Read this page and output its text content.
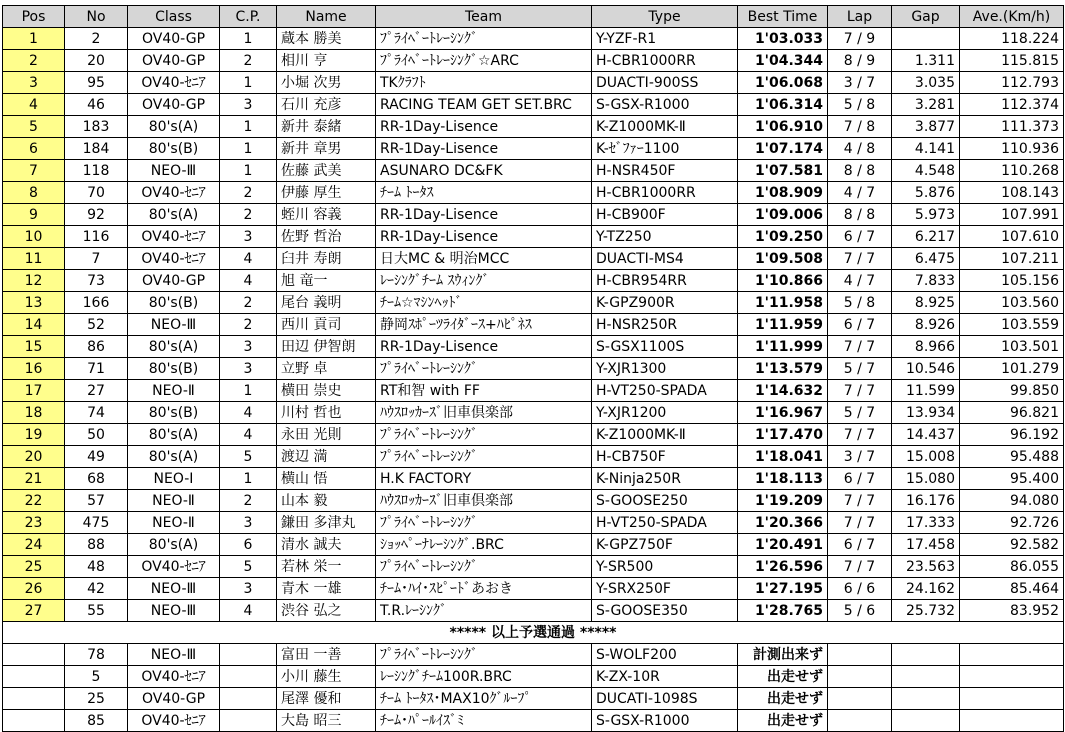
Pos	No	Class	C.P.	Name	Team	Type	Best Time	Lap	Gap	Ave.(Km/h)
1	2	OV40-GP	1	蔵本 勝美	ﾌﾟﾗｲﾍﾞｰﾄﾚｰｼﾝｸﾞ	Y-YZF-R1	1'03.033	7 / 9		118.224
2	20	OV40-GP	2	相川 亨	ﾌﾟﾗｲﾍﾞｰﾄﾚｰｼﾝｸﾞ☆ARC	H-CBR1000RR	1'04.344	8 / 9	1.311	115.815
3	95	OV40-ｾﾆｱ	1	小堀 次男	TKｸﾗﾌﾄ	DUACTI-900SS	1'06.068	3 / 7	3.035	112.793
4	46	OV40-GP	3	石川 充彦	RACING TEAM GET SET.BRC	S-GSX-R1000	1'06.314	5 / 8	3.281	112.374
5	183	80's(A)	1	新井 泰緒	RR-1Day-Lisence	K-Z1000MK-Ⅱ	1'06.910	7 / 8	3.877	111.373
6	184	80's(B)	1	新井 章男	RR-1Day-Lisence	K-ｾﾞﾌｧｰ1100	1'07.174	4 / 8	4.141	110.936
7	118	NEO-Ⅲ	1	佐藤 武美	ASUNARO DC&FK	H-NSR450F	1'07.581	8 / 8	4.548	110.268
8	70	OV40-ｾﾆｱ	2	伊藤 厚生	ﾁｰﾑ ﾄｰﾀｽ	H-CBR1000RR	1'08.909	4 / 7	5.876	108.143
9	92	80's(A)	2	蛭川 容義	RR-1Day-Lisence	H-CB900F	1'09.006	8 / 8	5.973	107.991
10	116	OV40-ｾﾆｱ	3	佐野 哲治	RR-1Day-Lisence	Y-TZ250	1'09.250	6 / 7	6.217	107.610
11	7	OV40-ｾﾆｱ	4	臼井 寿朗	日大MC & 明治MCC	DUACTI-MS4	1'09.508	7 / 7	6.475	107.211
12	73	OV40-GP	4	旭 竜一	ﾚｰｼﾝｸﾞﾁｰﾑ ｽｳｨﾝｸﾞ	H-CBR954RR	1'10.866	4 / 7	7.833	105.156
13	166	80's(B)	2	尾台 義明	ﾁｰﾑ☆ﾏｼﾝﾍｯﾄﾞ	K-GPZ900R	1'11.958	5 / 8	8.925	103.560
14	52	NEO-Ⅲ	2	西川 貢司	静岡ｽﾎﾟｰﾂﾗｲﾀﾞｰｽ+ﾊﾋﾟﾈｽ	H-NSR250R	1'11.959	6 / 7	8.926	103.559
15	86	80's(A)	3	田辺 伊智朗	RR-1Day-Lisence	S-GSX1100S	1'11.999	7 / 7	8.966	103.501
16	71	80's(B)	3	立野 卓	ﾌﾟﾗｲﾍﾞｰﾄﾚｰｼﾝｸﾞ	Y-XJR1300	1'13.579	5 / 7	10.546	101.279
17	27	NEO-Ⅱ	1	横田 崇史	RT和智 with FF	H-VT250-SPADA	1'14.632	7 / 7	11.599	99.850
18	74	80's(B)	4	川村 哲也	ﾊｳｽﾛｯｶｰｽﾞ旧車倶楽部	Y-XJR1200	1'16.967	5 / 7	13.934	96.821
19	50	80's(A)	4	永田 光則	ﾌﾟﾗｲﾍﾞｰﾄﾚｰｼﾝｸﾞ	K-Z1000MK-Ⅱ	1'17.470	7 / 7	14.437	96.192
20	49	80's(A)	5	渡辺 満	ﾌﾟﾗｲﾍﾞｰﾄﾚｰｼﾝｸﾞ	H-CB750F	1'18.041	3 / 7	15.008	95.488
21	68	NEO-Ⅰ	1	横山 悟	H.K FACTORY	K-Ninja250R	1'18.113	6 / 7	15.080	95.400
22	57	NEO-Ⅱ	2	山本 毅	ﾊｳｽﾛｯｶｰｽﾞ旧車倶楽部	S-GOOSE250	1'19.209	7 / 7	16.176	94.080
23	475	NEO-Ⅱ	3	鎌田 多津丸	ﾌﾟﾗｲﾍﾞｰﾄﾚｰｼﾝｸﾞ	H-VT250-SPADA	1'20.366	7 / 7	17.333	92.726
24	88	80's(A)	6	清水 誠夫	ｼｮｯﾍﾟｰﾅﾚｰｼﾝｸﾞ.BRC	K-GPZ750F	1'20.491	6 / 7	17.458	92.582
25	48	OV40-ｾﾆｱ	5	若林 栄一	ﾌﾟﾗｲﾍﾞｰﾄﾚｰｼﾝｸﾞ	Y-SR500	1'26.596	7 / 7	23.563	86.055
26	42	NEO-Ⅲ	3	青木 一雄	ﾁｰﾑ･ﾊｲ･ｽﾋﾟｰﾄﾞあおき	Y-SRX250F	1'27.195	6 / 6	24.162	85.464
27	55	NEO-Ⅲ	4	渋谷 弘之	T.R.ﾚｰｼﾝｸﾞ	S-GOOSE350	1'28.765	5 / 6	25.732	83.952
***** 以上予選通過 *****										
	78	NEO-Ⅲ		富田 一善	ﾌﾟﾗｲﾍﾞｰﾄﾚｰｼﾝｸﾞ	S-WOLF200	計測出来ず			
	5	OV40-ｾﾆｱ		小川 藤生	ﾚｰｼﾝｸﾞﾁｰﾑ100R.BRC	K-ZX-10R	出走せず			
	25	OV40-GP		尾澤 優和	ﾁｰﾑ ﾄｰﾀｽ･MAX10ｸﾞﾙｰﾌﾟ	DUCATI-1098S	出走せず			
	85	OV40-ｾﾆｱ		大島 昭三	ﾁｰﾑ･ﾊﾟｰﾙｲｽﾞﾐ	S-GSX-R1000	出走せず			
